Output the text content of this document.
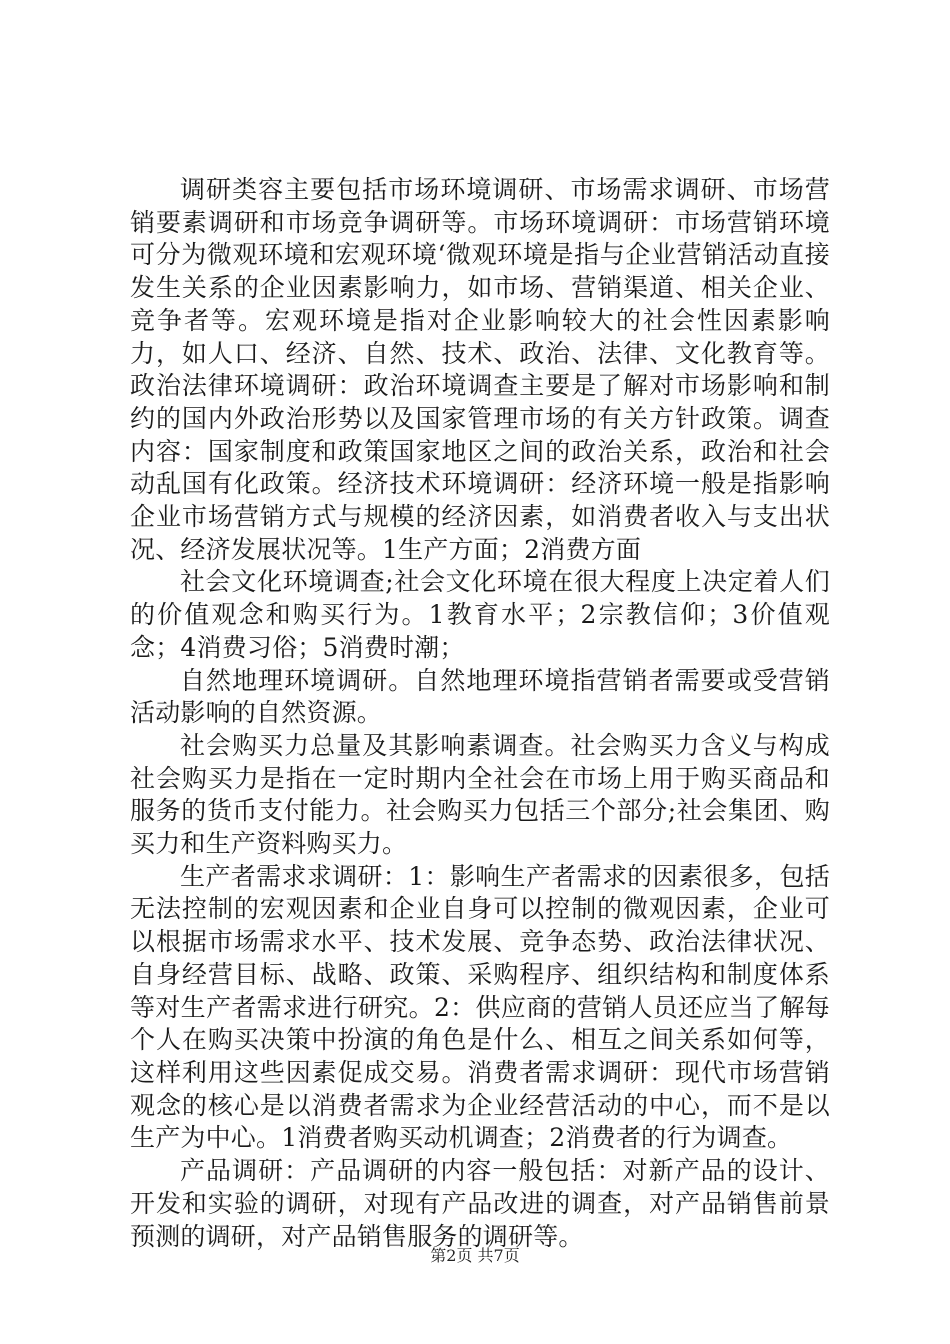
调研类容主要包括市场环境调研、市场需求调研、市场营销要素调研和市场竞争调研等。市场环境调研：市场营销环境可分为微观环境和宏观环境‘微观环境是指与企业营销活动直接发生关系的企业因素影响力，如市场、营销渠道、相关企业、竞争者等。宏观环境是指对企业影响较大的社会性因素影响力，如人口、经济、自然、技术、政治、法律、文化教育等。政治法律环境调研：政治环境调查主要是了解对市场影响和制约的国内外政治形势以及国家管理市场的有关方针政策。调查内容：国家制度和政策国家地区之间的政治关系，政治和社会动乱国有化政策。经济技术环境调研：经济环境一般是指影响企业市场营销方式与规模的经济因素，如消费者收入与支出状况、经济发展状况等。1生产方面；2消费方面

社会文化环境调查;社会文化环境在很大程度上决定着人们的价值观念和购买行为。1教育水平；2宗教信仰；3价值观念；4消费习俗；5消费时潮；

自然地理环境调研。自然地理环境指营销者需要或受营销活动影响的自然资源。

社会购买力总量及其影响素调查。社会购买力含义与构成社会购买力是指在一定时期内全社会在市场上用于购买商品和服务的货币支付能力。社会购买力包括三个部分;社会集团、购买力和生产资料购买力。

生产者需求求调研：1：影响生产者需求的因素很多，包括无法控制的宏观因素和企业自身可以控制的微观因素，企业可以根据市场需求水平、技术发展、竞争态势、政治法律状况、自身经营目标、战略、政策、采购程序、组织结构和制度体系等对生产者需求进行研究。2：供应商的营销人员还应当了解每个人在购买决策中扮演的角色是什么、相互之间关系如何等，这样利用这些因素促成交易。消费者需求调研：现代市场营销观念的核心是以消费者需求为企业经营活动的中心，而不是以生产为中心。1消费者购买动机调查；2消费者的行为调查。

产品调研：产品调研的内容一般包括：对新产品的设计、开发和实验的调研，对现有产品改进的调查，对产品销售前景预测的调研，对产品销售服务的调研等。

第2页 共7页
